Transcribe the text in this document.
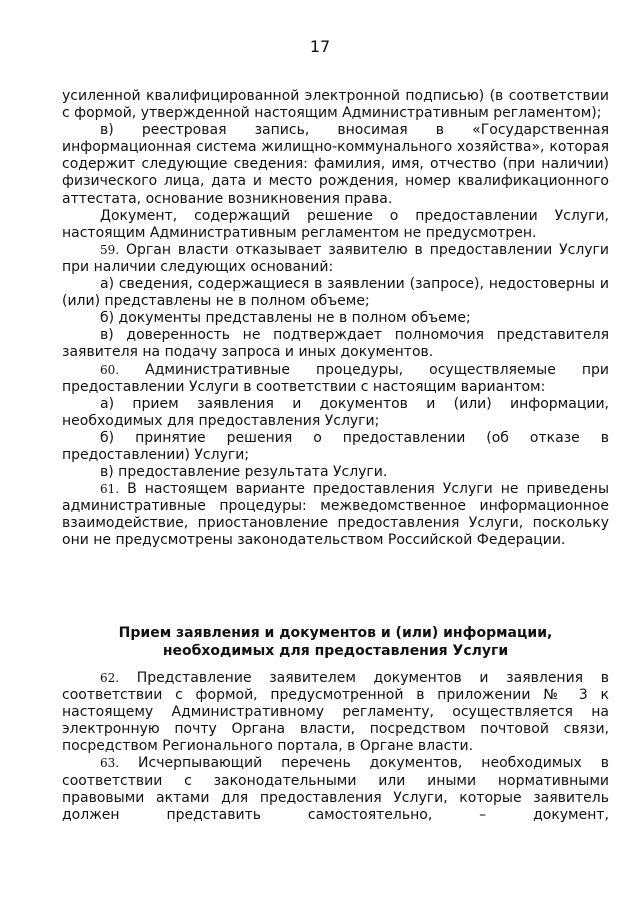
17

усиленной квалифицированной электронной подписью) (в соответствии с формой, утвержденной настоящим Административным регламентом);

в) реестровая запись, вносимая в «Государственная информационная система жилищно-коммунального хозяйства», которая содержит следующие сведения: фамилия, имя, отчество (при наличии) физического лица, дата и место рождения, номер квалификационного аттестата, основание возникновения права.

Документ, содержащий решение о предоставлении Услуги, настоящим Административным регламентом не предусмотрен.

59. Орган власти отказывает заявителю в предоставлении Услуги при наличии следующих оснований:

а) сведения, содержащиеся в заявлении (запросе), недостоверны и (или) представлены не в полном объеме;

б) документы представлены не в полном объеме;

в) доверенность не подтверждает полномочия представителя заявителя на подачу запроса и иных документов.

60. Административные процедуры, осуществляемые при предоставлении Услуги в соответствии с настоящим вариантом:

а) прием заявления и документов и (или) информации, необходимых для предоставления Услуги;

б) принятие решения о предоставлении (об отказе в предоставлении) Услуги;

в) предоставление результата Услуги.

61. В настоящем варианте предоставления Услуги не приведены административные процедуры: межведомственное информационное взаимодействие, приостановление предоставления Услуги, поскольку они не предусмотрены законодательством Российской Федерации.

Прием заявления и документов и (или) информации,
необходимых для предоставления Услуги

62. Представление заявителем документов и заявления в соответствии с формой, предусмотренной в приложении № 3 к настоящему Административному регламенту, осуществляется на электронную почту Органа власти, посредством почтовой связи, посредством Регионального портала, в Органе власти.

63. Исчерпывающий перечень документов, необходимых в соответствии с законодательными или иными нормативными правовыми актами для предоставления Услуги, которые заявитель должен представить самостоятельно, – документ,
